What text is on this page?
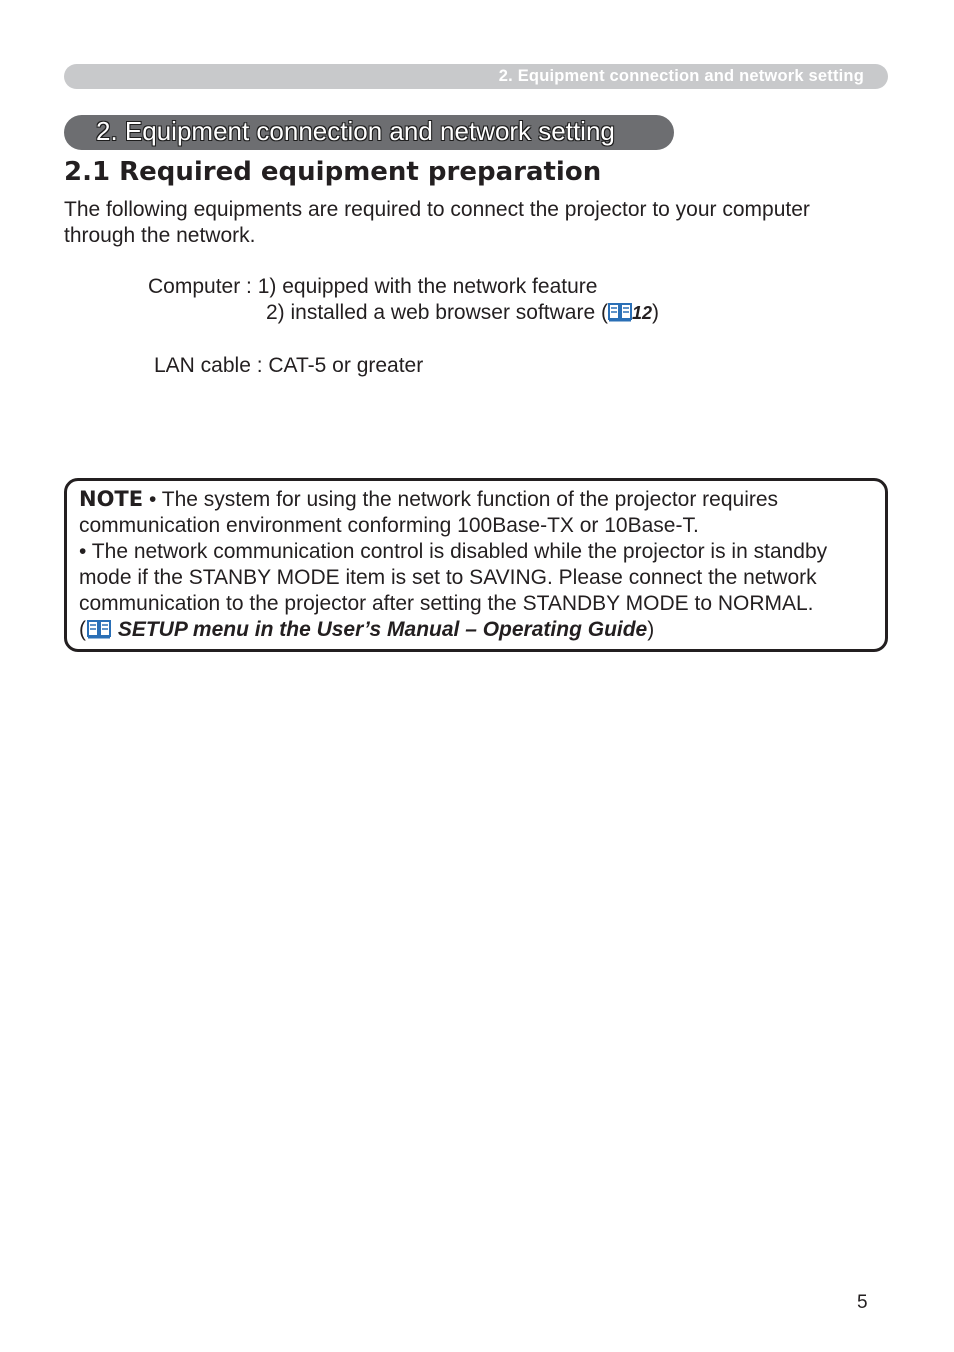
2. Equipment connection and network setting
2. Equipment connection and network setting
2.1 Required equipment preparation

The following equipments are required to connect the projector to your computer through the network.

Computer : 1) equipped with the network feature
2) installed a web browser software ( 12)
LAN cable : CAT-5 or greater
NOTE • The system for using the network function of the projector requires communication environment conforming 100Base-TX or 10Base-T.
• The network communication control is disabled while the projector is in standby mode if the STANBY MODE item is set to SAVING. Please connect the network communication to the projector after setting the STANDBY MODE to NORMAL.
( SETUP menu in the User’s Manual – Operating Guide)
5
